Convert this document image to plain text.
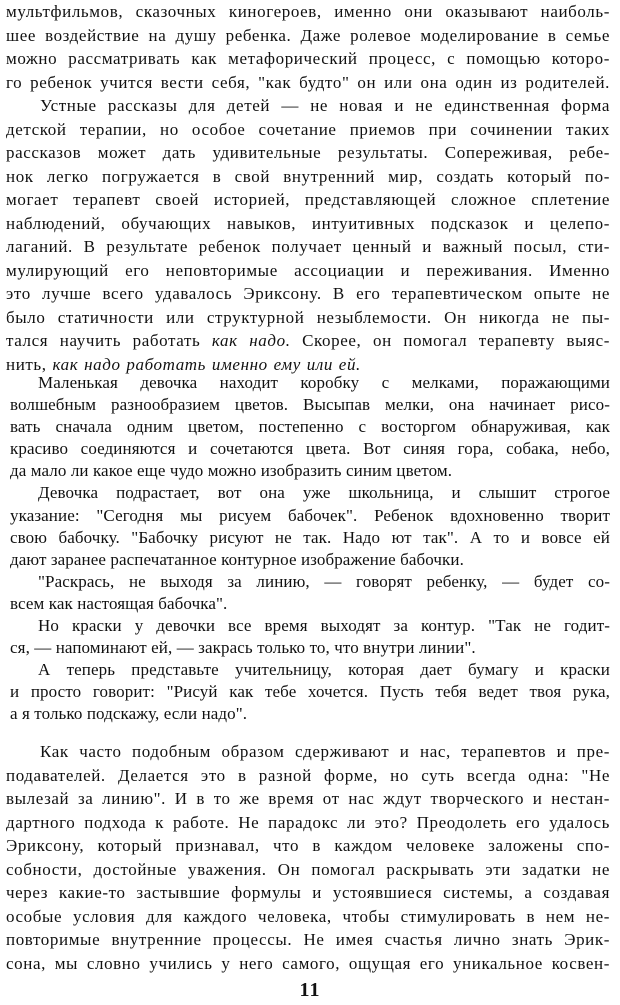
мультфильмов, сказочных киногероев, именно они оказывают наиболь-
шее воздействие на душу ребенка. Даже ролевое моделирование в семье
можно рассматривать как метафорический процесс, с помощью которо-
го ребенок учится вести себя, "как будто" он или она один из родителей.
Устные рассказы для детей — не новая и не единственная форма
детской терапии, но особое сочетание приемов при сочинении таких
рассказов может дать удивительные результаты. Сопереживая, ребе-
нок легко погружается в свой внутренний мир, создать который по-
могает терапевт своей историей, представляющей сложное сплетение
наблюдений, обучающих навыков, интуитивных подсказок и целепо-
лаганий. В результате ребенок получает ценный и важный посыл, сти-
мулирующий его неповторимые ассоциации и переживания. Именно
это лучше всего удавалось Эриксону. В его терапевтическом опыте не
было статичности или структурной незыблемости. Он никогда не пы-
тался научить работать как надо. Скорее, он помогал терапевту выяс-
нить, как надо работать именно ему или ей.
Маленькая девочка находит коробку с мелками, поражающими
волшебным разнообразием цветов. Высыпав мелки, она начинает рисо-
вать сначала одним цветом, постепенно с восторгом обнаруживая, как
красиво соединяются и сочетаются цвета. Вот синяя гора, собака, небо,
да мало ли какое еще чудо можно изобразить синим цветом.
Девочка подрастает, вот она уже школьница, и слышит строгое
указание: "Сегодня мы рисуем бабочек". Ребенок вдохновенно творит
свою бабочку. "Бабочку рисуют не так. Надо ют так". А то и вовсе ей
дают заранее распечатанное контурное изображение бабочки.
"Раскрась, не выходя за линию, — говорят ребенку, — будет со-
всем как настоящая бабочка".
Но краски у девочки все время выходят за контур. "Так не годит-
ся, — напоминают ей, — закрась только то, что внутри линии".
А теперь представьте учительницу, которая дает бумагу и краски
и просто говорит: "Рисуй как тебе хочется. Пусть тебя ведет твоя рука,
а я только подскажу, если надо".
Как часто подобным образом сдерживают и нас, терапевтов и пре-
подавателей. Делается это в разной форме, но суть всегда одна: "Не
вылезай за линию". И в то же время от нас ждут творческого и нестан-
дартного подхода к работе. Не парадокс ли это? Преодолеть его удалось
Эриксону, который признавал, что в каждом человеке заложены спо-
собности, достойные уважения. Он помогал раскрывать эти задатки не
через какие-то застывшие формулы и устоявшиеся системы, а создавая
особые условия для каждого человека, чтобы стимулировать в нем не-
повторимые внутренние процессы. Не имея счастья лично знать Эрик-
сона, мы словно учились у него самого, ощущая его уникальное косвен-
11
